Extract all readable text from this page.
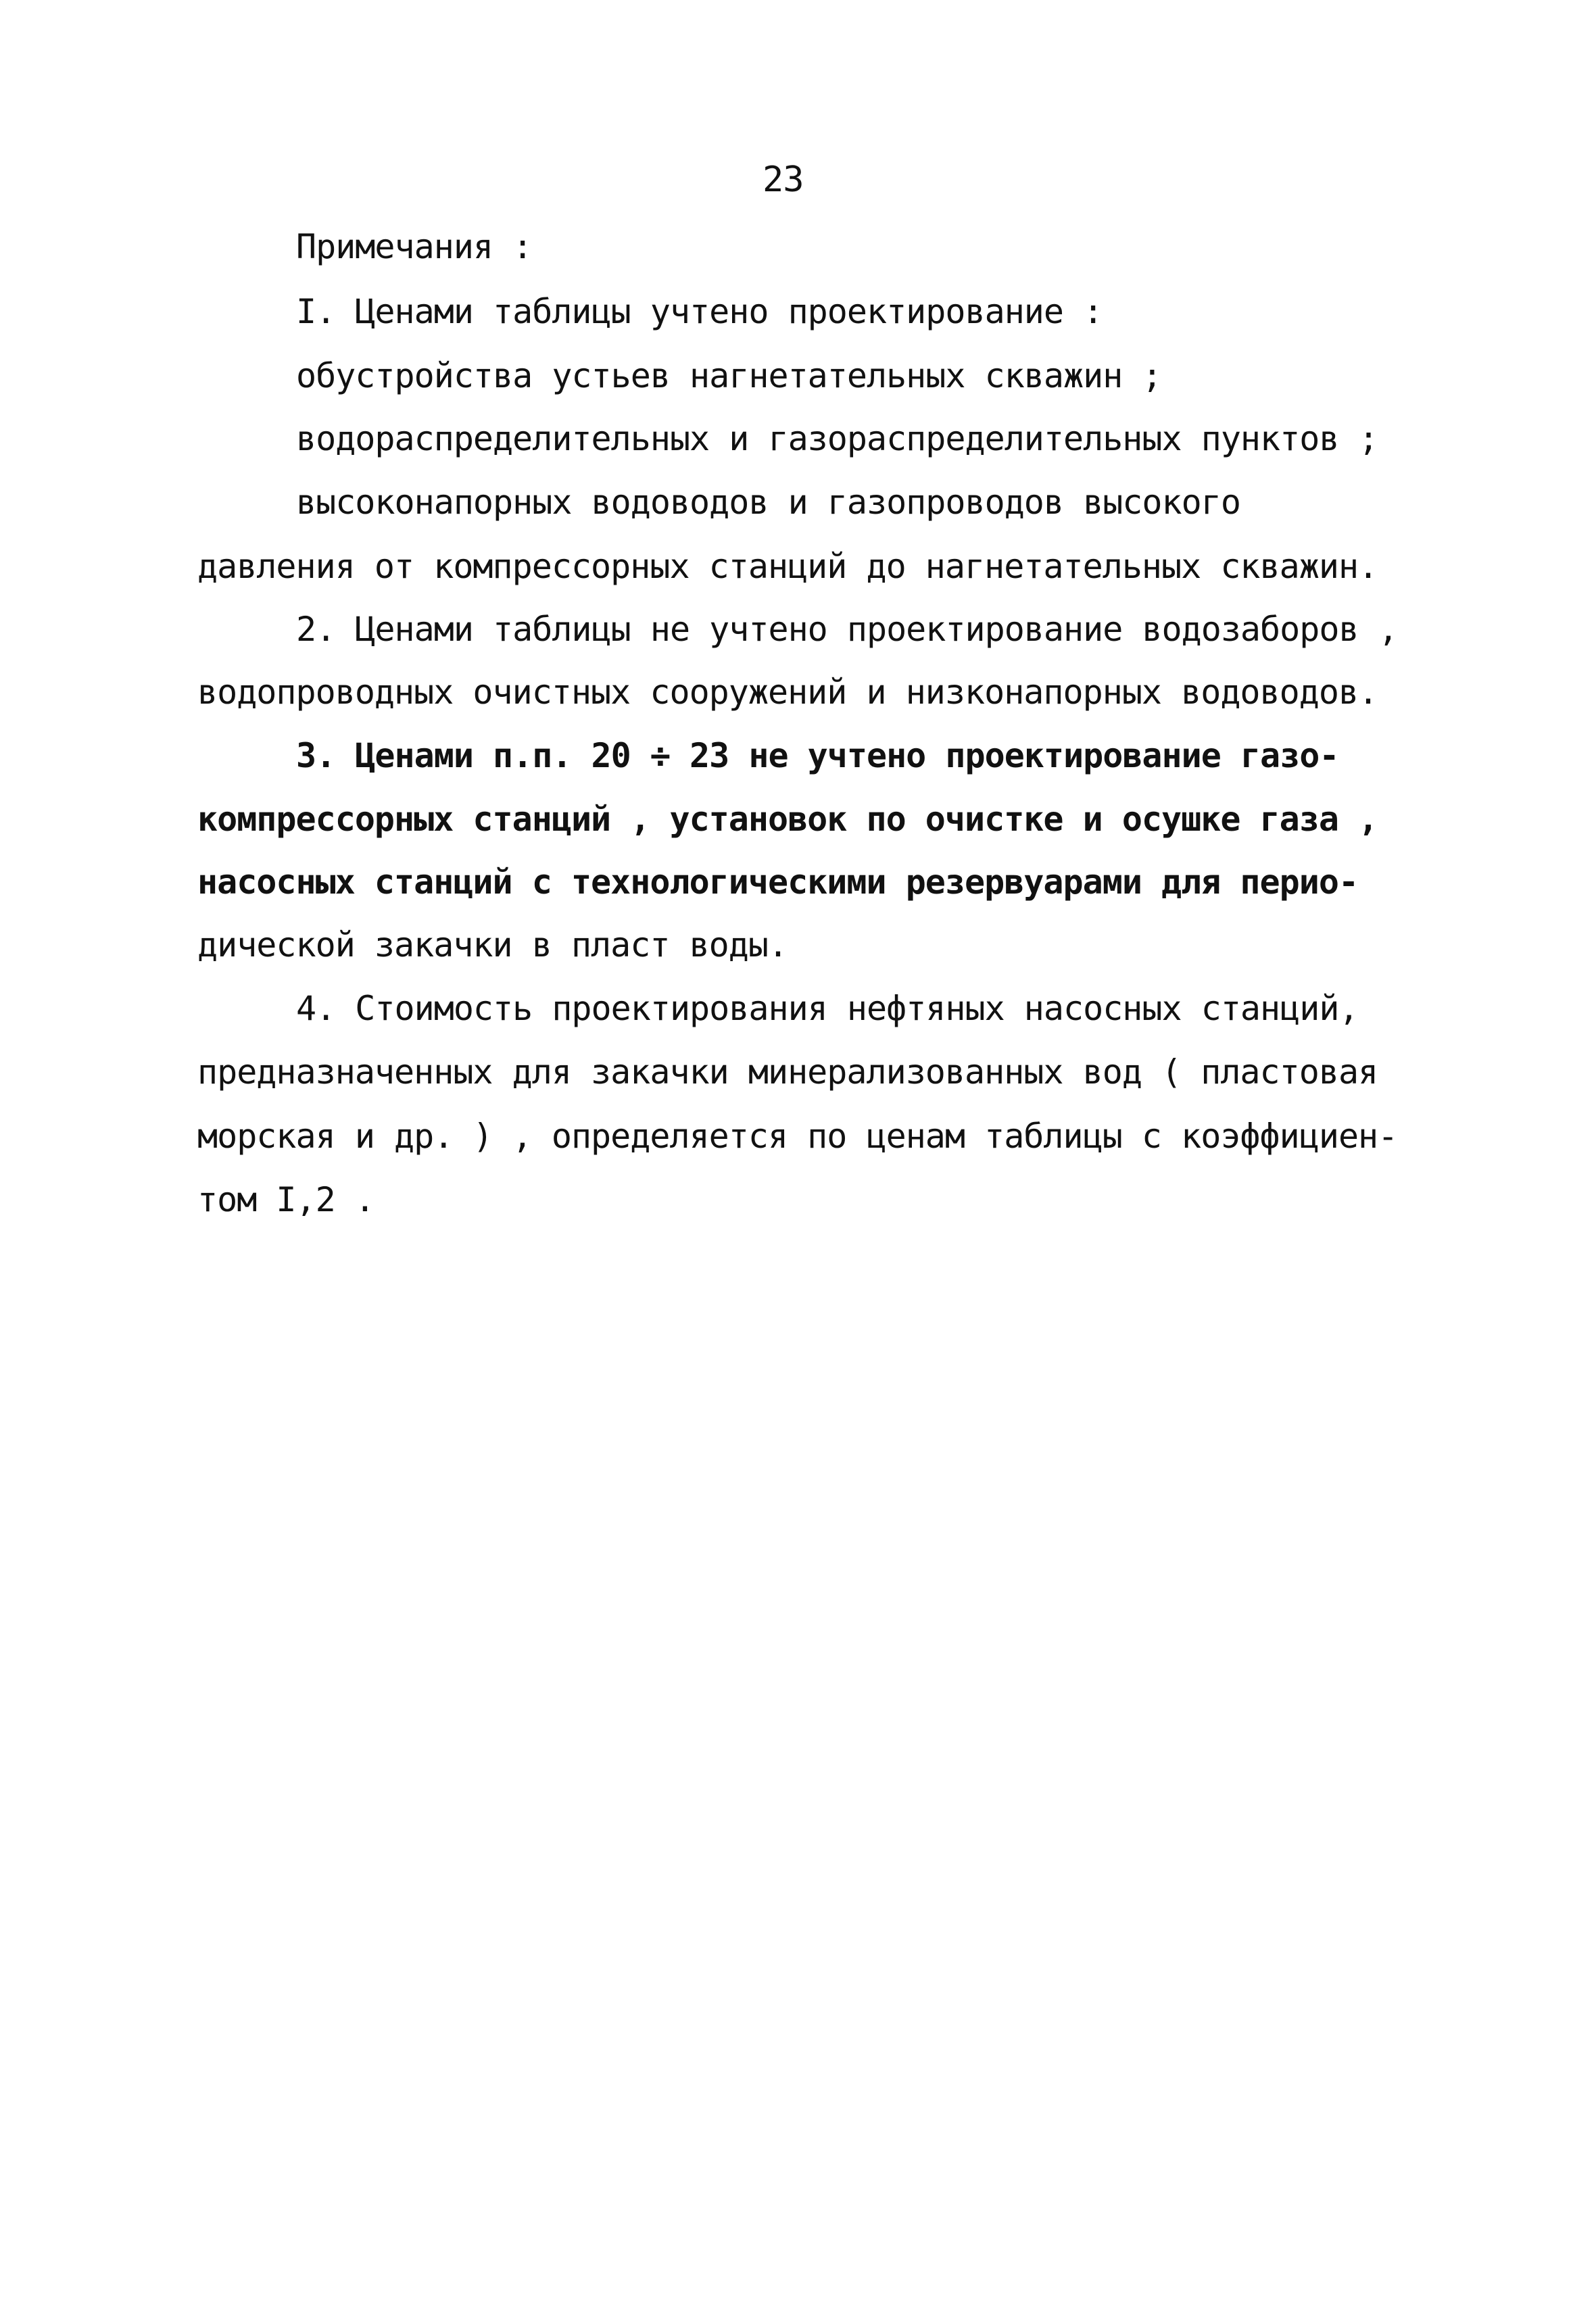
23
Примечания :
I. Ценами таблицы учтено проектирование :
обустройства устьев нагнетательных скважин ;
водораспределительных и газораспределительных пунктов ;
высоконапорных водоводов и газопроводов высокого
давления от компрессорных станций до нагнетательных скважин.
2. Ценами таблицы не учтено проектирование водозаборов ,
водопроводных очистных сооружений и низконапорных водоводов.
3. Ценами п.п. 20 ÷ 23 не учтено проектирование газо-
компрессорных станций , установок по очистке и осушке газа ,
насосных станций с технологическими резервуарами для перио-
дической закачки в пласт воды.
4. Стоимость проектирования нефтяных насосных станций,
предназначенных для закачки минерализованных вод ( пластовая
морская и др. ) , определяется по ценам таблицы с коэффициен-
том I,2 .
